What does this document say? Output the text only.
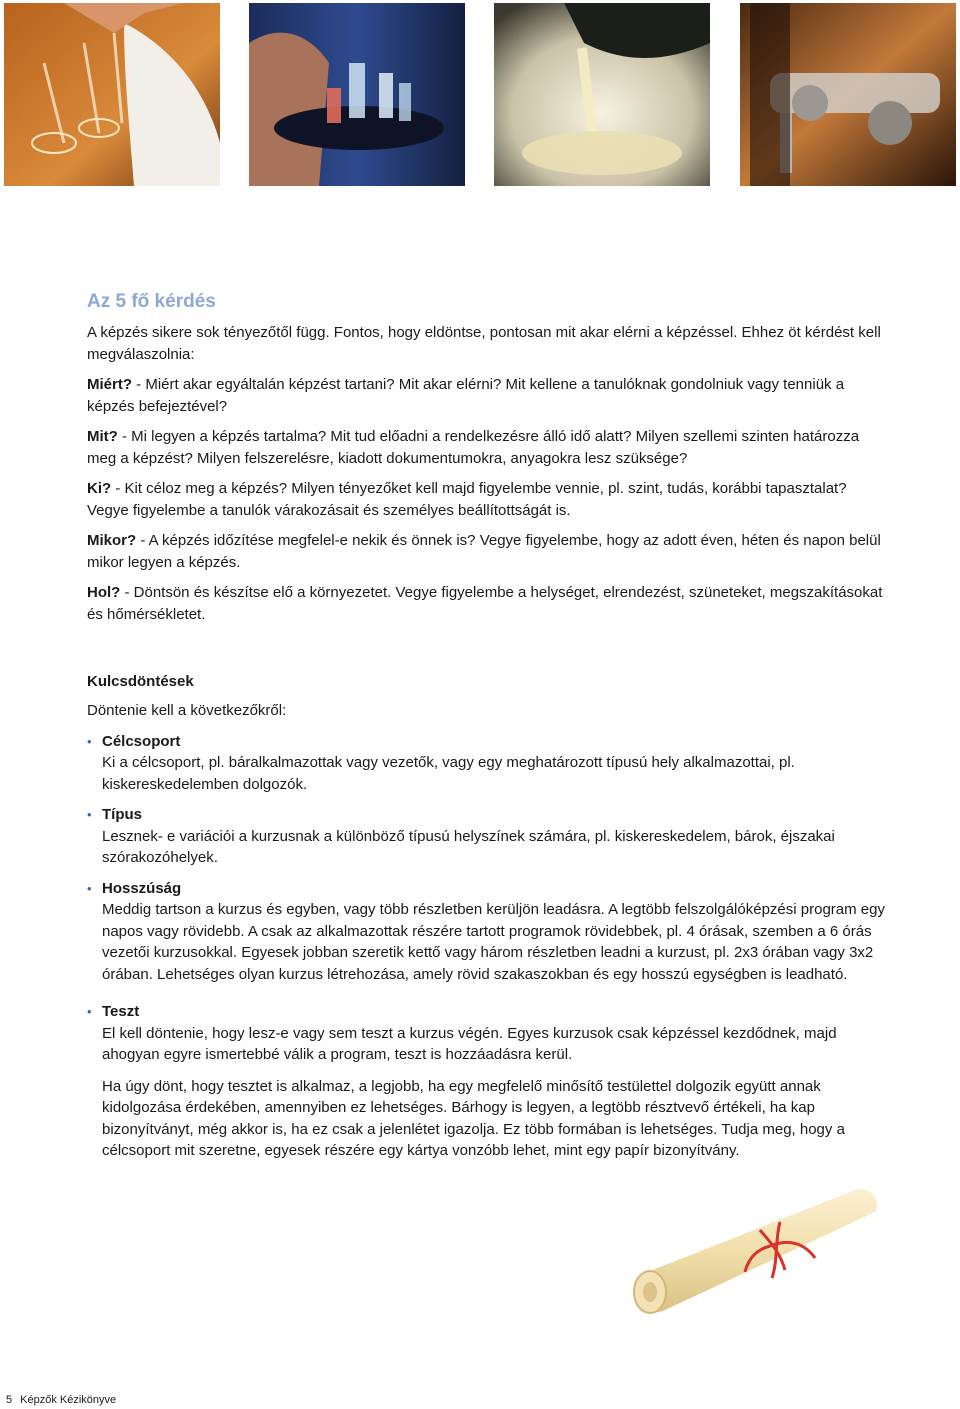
Az 5 fő kérdés

A képzés sikere sok tényezőtől függ. Fontos, hogy eldöntse, pontosan mit akar elérni a képzéssel. Ehhez öt kérdést kell megválaszolnia:

Miért? - Miért akar egyáltalán képzést tartani? Mit akar elérni? Mit kellene a tanulóknak gondolniuk vagy tenniük a képzés befejeztével?

Mit? - Mi legyen a képzés tartalma? Mit tud előadni a rendelkezésre álló idő alatt? Milyen szellemi szinten határozza meg a képzést? Milyen felszerelésre, kiadott dokumentumokra, anyagokra lesz szüksége?

Ki? - Kit céloz meg a képzés? Milyen tényezőket kell majd figyelembe vennie, pl. szint, tudás, korábbi tapasztalat? Vegye figyelembe a tanulók várakozásait és személyes beállítottságát is.

Mikor? - A képzés időzítése megfelel-e nekik és önnek is? Vegye figyelembe, hogy az adott éven, héten és napon belül mikor legyen a képzés.

Hol? - Döntsön és készítse elő a környezetet. Vegye figyelembe a helységet, elrendezést, szüneteket, megszakításokat és hőmérsékletet.

Kulcsdöntések

Döntenie kell a következőkről:

• Célcsoport
Ki a célcsoport, pl. báralkalmazottak vagy vezetők, vagy egy meghatározott típusú hely alkalmazottai, pl. kiskereskedelemben dolgozók.
• Típus
Lesznek- e variációi a kurzusnak a különböző típusú helyszínek számára, pl. kiskereskedelem, bárok, éjszakai szórakozóhelyek.
• Hosszúság
Meddig tartson a kurzus és egyben, vagy több részletben kerüljön leadásra. A legtöbb felszolgálóképzési program egy napos vagy rövidebb. A csak az alkalmazottak részére tartott programok rövidebbek, pl. 4 órásak, szemben a 6 órás vezetői kurzusokkal. Egyesek jobban szeretik kettő vagy három részletben leadni a kurzust, pl. 2x3 órában vagy 3x2 órában. Lehetséges olyan kurzus létrehozása, amely rövid szakaszokban és egy hosszú egységben is leadható.
• Teszt
El kell döntenie, hogy lesz-e vagy sem teszt a kurzus végén. Egyes kurzusok csak képzéssel kezdődnek, majd ahogyan egyre ismertebbé válik a program, teszt is hozzáadásra kerül.

Ha úgy dönt, hogy tesztet is alkalmaz, a legjobb, ha egy megfelelő minősítő testülettel dolgozik együtt annak kidolgozása érdekében, amennyiben ez lehetséges. Bárhogy is legyen, a legtöbb résztvevő értékeli, ha kap bizonyítványt, még akkor is, ha ez csak a jelenlétet igazolja. Ez több formában is lehetséges. Tudja meg, hogy a célcsoport mit szeretne, egyesek részére egy kártya vonzóbb lehet, mint egy papír bizonyítvány.

5 Képzők Kézikönyve
